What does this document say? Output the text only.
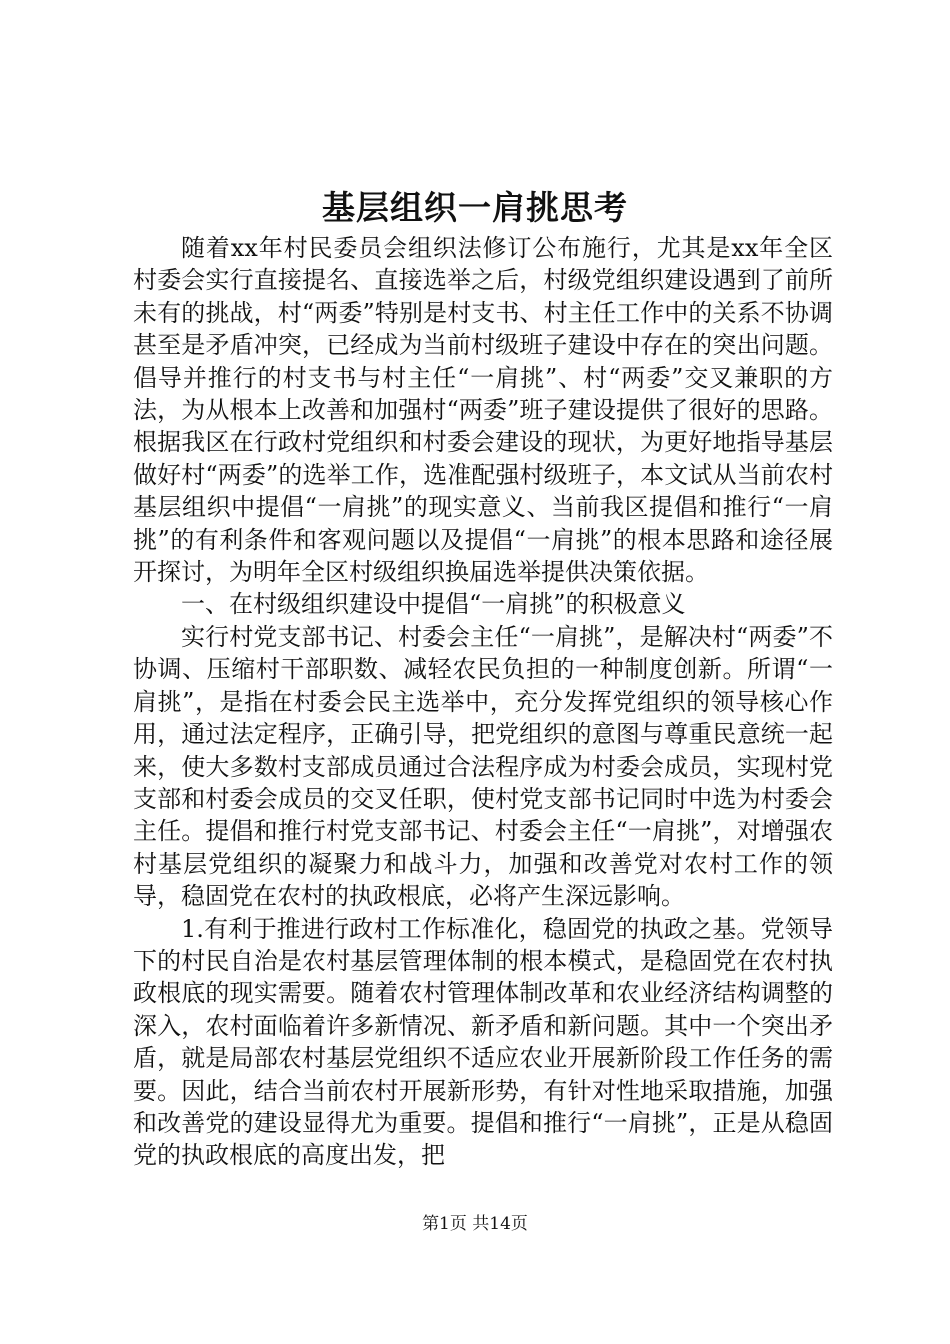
基层组织一肩挑思考

随着xx年村民委员会组织法修订公布施行，尤其是xx年全区村委会实行直接提名、直接选举之后，村级党组织建设遇到了前所未有的挑战，村“两委”特别是村支书、村主任工作中的关系不协调甚至是矛盾冲突，已经成为当前村级班子建设中存在的突出问题。倡导并推行的村支书与村主任“一肩挑”、村“两委”交叉兼职的方法，为从根本上改善和加强村“两委”班子建设提供了很好的思路。根据我区在行政村党组织和村委会建设的现状，为更好地指导基层做好村“两委”的选举工作，选准配强村级班子，本文试从当前农村基层组织中提倡“一肩挑”的现实意义、当前我区提倡和推行“一肩挑”的有利条件和客观问题以及提倡“一肩挑”的根本思路和途径展开探讨，为明年全区村级组织换届选举提供决策依据。

一、在村级组织建设中提倡“一肩挑”的积极意义

实行村党支部书记、村委会主任“一肩挑”，是解决村“两委”不协调、压缩村干部职数、减轻农民负担的一种制度创新。所谓“一肩挑”，是指在村委会民主选举中，充分发挥党组织的领导核心作用，通过法定程序，正确引导，把党组织的意图与尊重民意统一起来，使大多数村支部成员通过合法程序成为村委会成员，实现村党支部和村委会成员的交叉任职，使村党支部书记同时中选为村委会主任。提倡和推行村党支部书记、村委会主任“一肩挑”，对增强农村基层党组织的凝聚力和战斗力，加强和改善党对农村工作的领导，稳固党在农村的执政根底，必将产生深远影响。

1.有利于推进行政村工作标准化，稳固党的执政之基。党领导下的村民自治是农村基层管理体制的根本模式，是稳固党在农村执政根底的现实需要。随着农村管理体制改革和农业经济结构调整的深入，农村面临着许多新情况、新矛盾和新问题。其中一个突出矛盾，就是局部农村基层党组织不适应农业开展新阶段工作任务的需要。因此，结合当前农村开展新形势，有针对性地采取措施，加强和改善党的建设显得尤为重要。提倡和推行“一肩挑”，正是从稳固党的执政根底的高度出发，把

第1页 共14页
